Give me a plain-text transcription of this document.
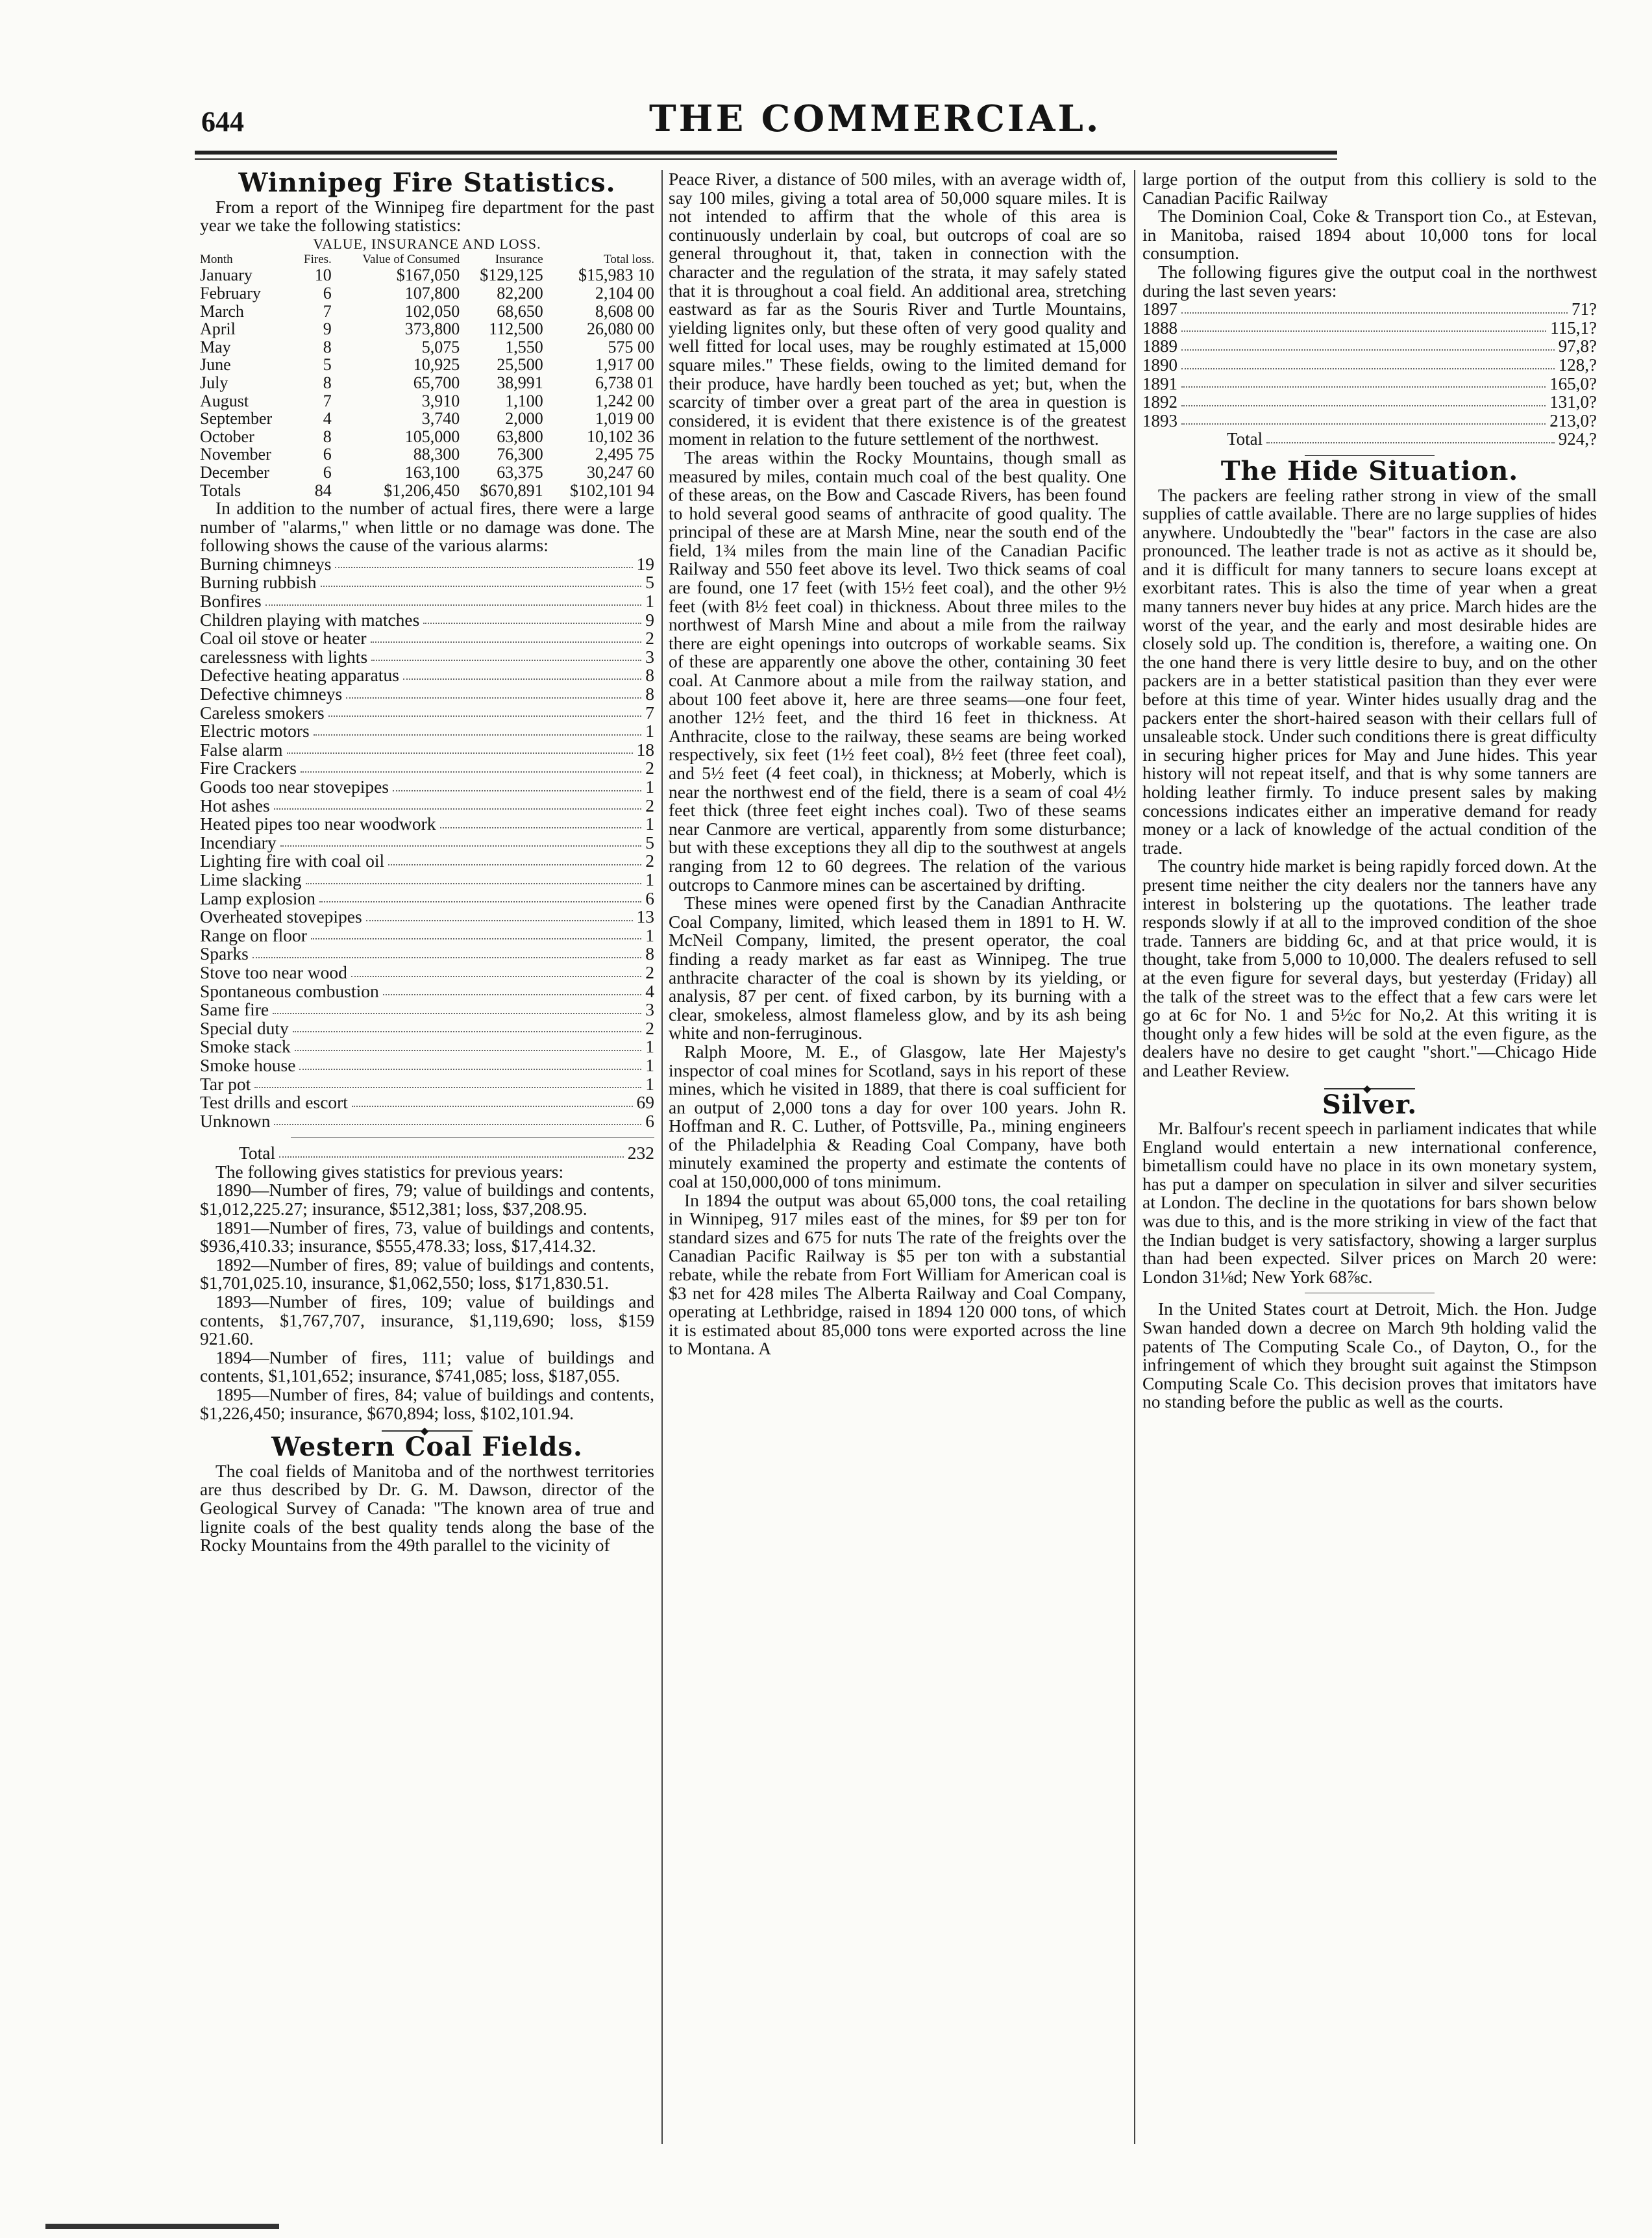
644	THE COMMERCIAL.
Winnipeg Fire Statistics.

From a report of the Winnipeg fire department for the past year we take the following statistics:

VALUE, INSURANCE AND LOSS.
Month	Fires.	Value of Consumed	Insurance	Total loss.
January	10	$167,050	$129,125	$15,983 10
February	6	107,800	82,200	2,104 00
March	7	102,050	68,650	8,608 00
April	9	373,800	112,500	26,080 00
May	8	5,075	1,550	575 00
June	5	10,925	25,500	1,917 00
July	8	65,700	38,991	6,738 01
August	7	3,910	1,100	1,242 00
September	4	3,740	2,000	1,019 00
October	8	105,000	63,800	10,102 36
November	6	88,300	76,300	2,495 75
December	6	163,100	63,375	30,247 60
Totals	84	$1,206,450	$670,891	$102,101 94

In addition to the number of actual fires, there were a large number of "alarms," when little or no damage was done. The following shows the cause of the various alarms:

Burning chimneys	19
Burning rubbish	5
Bonfires	1
Children playing with matches	9
Coal oil stove or heater	2
carelessness with lights	3
Defective heating apparatus	8
Defective chimneys	8
Careless smokers	7
Electric motors	1
False alarm	18
Fire Crackers	2
Goods too near stovepipes	1
Hot ashes	2
Heated pipes too near woodwork	1
Incendiary	5
Lighting fire with coal oil	2
Lime slacking	1
Lamp explosion	6
Overheated stovepipes	13
Range on floor	1
Sparks	8
Stove too near wood	2
Spontaneous combustion	4
Same fire	3
Special duty	2
Smoke stack	1
Smoke house	1
Tar pot	1
Test drills and escort	69
Unknown	6
Total	232

The following gives statistics for previous years:

1890—Number of fires, 79; value of buildings and contents, $1,012,225.27; insurance, $512,381; loss, $37,208.95.

1891—Number of fires, 73, value of buildings and contents, $936,410.33; insurance, $555,478.33; loss, $17,414.32.

1892—Number of fires, 89; value of buildings and contents, $1,701,025.10, insurance, $1,062,550; loss, $171,830.51.

1893—Number of fires, 109; value of buildings and contents, $1,767,707, insurance, $1,119,690; loss, $159 921.60.

1894—Number of fires, 111; value of buildings and contents, $1,101,652; insurance, $741,085; loss, $187,055.

1895—Number of fires, 84; value of buildings and contents, $1,226,450; insurance, $670,894; loss, $102,101.94.

◆
Western Coal Fields.

The coal fields of Manitoba and of the northwest territories are thus described by Dr. G. M. Dawson, director of the Geological Survey of Canada: "The known area of true and lignite coals of the best quality tends along the base of the Rocky Mountains from the 49th parallel to the vicinity of

Peace River, a distance of 500 miles, with an average width of, say 100 miles, giving a total area of 50,000 square miles. It is not intended to affirm that the whole of this area is continuously underlain by coal, but outcrops of coal are so general throughout it, that, taken in connection with the character and the regulation of the strata, it may safely stated that it is throughout a coal field. An additional area, stretching eastward as far as the Souris River and Turtle Mountains, yielding lignites only, but these often of very good quality and well fitted for local uses, may be roughly estimated at 15,000 square miles." These fields, owing to the limited demand for their produce, have hardly been touched as yet; but, when the scarcity of timber over a great part of the area in question is considered, it is evident that there existence is of the greatest moment in relation to the future settlement of the northwest.

The areas within the Rocky Mountains, though small as measured by miles, contain much coal of the best quality. One of these areas, on the Bow and Cascade Rivers, has been found to hold several good seams of anthracite of good quality. The principal of these are at Marsh Mine, near the south end of the field, 1¾ miles from the main line of the Canadian Pacific Railway and 550 feet above its level. Two thick seams of coal are found, one 17 feet (with 15½ feet coal), and the other 9½ feet (with 8½ feet coal) in thickness. About three miles to the northwest of Marsh Mine and about a mile from the railway there are eight openings into outcrops of workable seams. Six of these are apparently one above the other, containing 30 feet coal. At Canmore about a mile from the railway station, and about 100 feet above it, here are three seams—one four feet, another 12½ feet, and the third 16 feet in thickness. At Anthracite, close to the railway, these seams are being worked respectively, six feet (1½ feet coal), 8½ feet (three feet coal), and 5½ feet (4 feet coal), in thickness; at Moberly, which is near the northwest end of the field, there is a seam of coal 4½ feet thick (three feet eight inches coal). Two of these seams near Canmore are vertical, apparently from some disturbance; but with these exceptions they all dip to the southwest at angels ranging from 12 to 60 degrees. The relation of the various outcrops to Canmore mines can be ascertained by drifting.

These mines were opened first by the Canadian Anthracite Coal Company, limited, which leased them in 1891 to H. W. McNeil Company, limited, the present operator, the coal finding a ready market as far east as Winnipeg. The true anthracite character of the coal is shown by its yielding, or analysis, 87 per cent. of fixed carbon, by its burning with a clear, smokeless, almost flameless glow, and by its ash being white and non-ferruginous.

Ralph Moore, M. E., of Glasgow, late Her Majesty's inspector of coal mines for Scotland, says in his report of these mines, which he visited in 1889, that there is coal sufficient for an output of 2,000 tons a day for over 100 years. John R. Hoffman and R. C. Luther, of Pottsville, Pa., mining engineers of the Philadelphia & Reading Coal Company, have both minutely examined the property and estimate the contents of coal at 150,000,000 of tons minimum.

In 1894 the output was about 65,000 tons, the coal retailing in Winnipeg, 917 miles east of the mines, for $9 per ton for standard sizes and 675 for nuts The rate of the freights over the Canadian Pacific Railway is $5 per ton with a substantial rebate, while the rebate from Fort William for American coal is $3 net for 428 miles The Alberta Railway and Coal Company, operating at Lethbridge, raised in 1894 120 000 tons, of which it is estimated about 85,000 tons were exported across the line to Montana. A

large portion of the output from this colliery is sold to the Canadian Pacific Railway

The Dominion Coal, Coke & Transport tion Co., at Estevan, in Manitoba, raised 1894 about 10,000 tons for local consumption.

The following figures give the output coal in the northwest during the last seven years:

1897	71?
1888	115,1?
1889	97,8?
1890	128,?
1891	165,0?
1892	131,0?
1893	213,0?
Total	924,?
The Hide Situation.

The packers are feeling rather strong in view of the small supplies of cattle available. There are no large supplies of hides anywhere. Undoubtedly the "bear" factors in the case are also pronounced. The leather trade is not as active as it should be, and it is difficult for many tanners to secure loans except at exorbitant rates. This is also the time of year when a great many tanners never buy hides at any price. March hides are the worst of the year, and the early and most desirable hides are closely sold up. The condition is, therefore, a waiting one. On the one hand there is very little desire to buy, and on the other packers are in a better statistical pasition than they ever were before at this time of year. Winter hides usually drag and the packers enter the short-haired season with their cellars full of unsaleable stock. Under such conditions there is great difficulty in securing higher prices for May and June hides. This year history will not repeat itself, and that is why some tanners are holding leather firmly. To induce present sales by making concessions indicates either an imperative demand for ready money or a lack of knowledge of the actual condition of the trade.

The country hide market is being rapidly forced down. At the present time neither the city dealers nor the tanners have any interest in bolstering up the quotations. The leather trade responds slowly if at all to the improved condition of the shoe trade. Tanners are bidding 6c, and at that price would, it is thought, take from 5,000 to 10,000. The dealers refused to sell at the even figure for several days, but yesterday (Friday) all the talk of the street was to the effect that a few cars were let go at 6c for No. 1 and 5½c for No,2. At this writing it is thought only a few hides will be sold at the even figure, as the dealers have no desire to get caught "short."—Chicago Hide and Leather Review.

◆
Silver.

Mr. Balfour's recent speech in parliament indicates that while England would entertain a new international conference, bimetallism could have no place in its own monetary system, has put a damper on speculation in silver and silver securities at London. The decline in the quotations for bars shown below was due to this, and is the more striking in view of the fact that the Indian budget is very satisfactory, showing a larger surplus than had been expected. Silver prices on March 20 were: London 31⅛d; New York 68⅞c.

In the United States court at Detroit, Mich. the Hon. Judge Swan handed down a decree on March 9th holding valid the patents of The Computing Scale Co., of Dayton, O., for the infringement of which they brought suit against the Stimpson Computing Scale Co. This decision proves that imitators have no standing before the public as well as the courts.
